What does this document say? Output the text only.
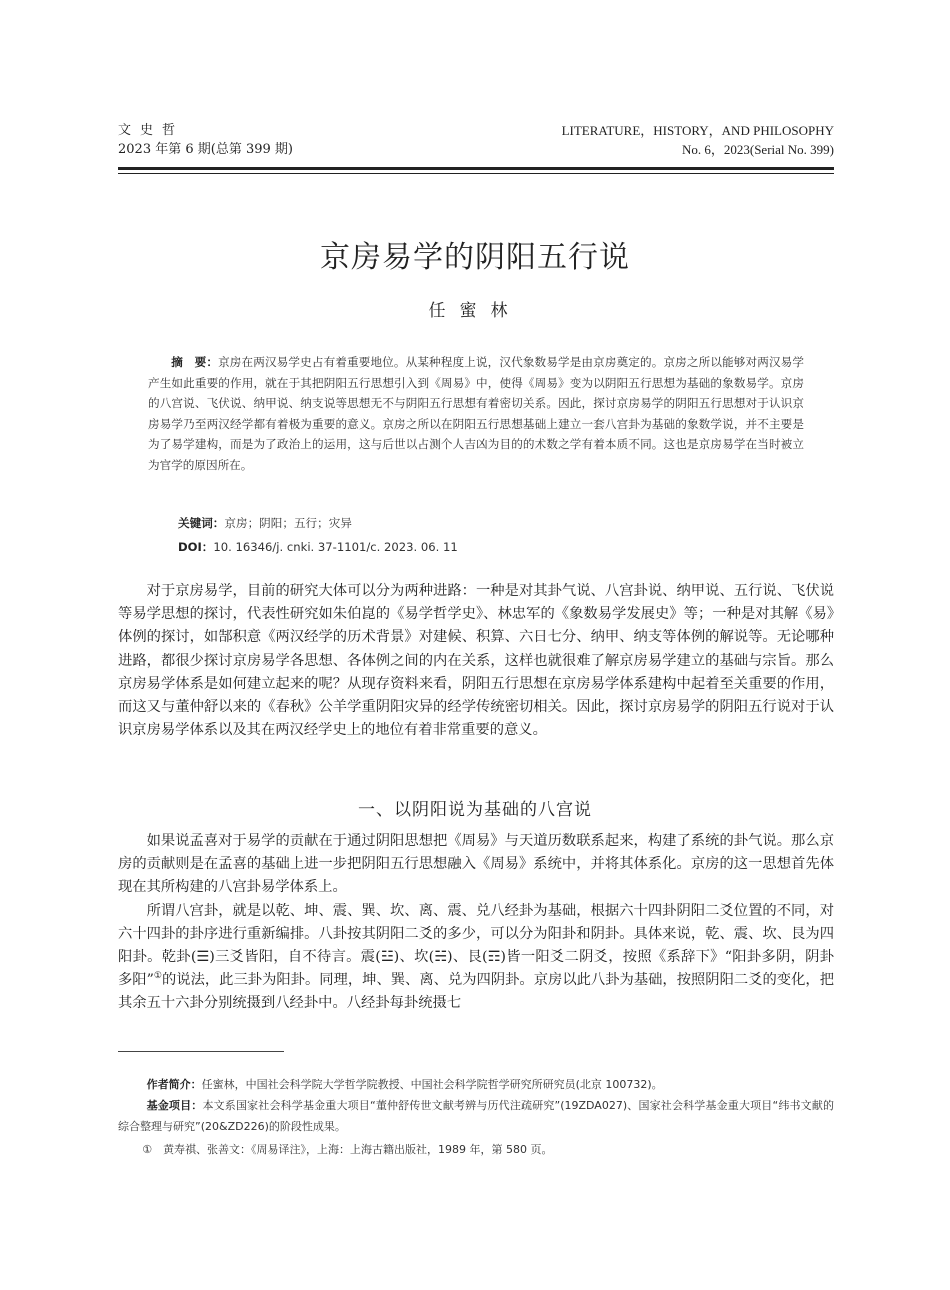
文史哲
2023 年第 6 期(总第 399 期)
LITERATURE，HISTORY，AND PHILOSOPHY
No. 6，2023(Serial No. 399)
京房易学的阴阳五行说
任蜜林

摘　要：京房在两汉易学史占有着重要地位。从某种程度上说，汉代象数易学是由京房奠定的。京房之所以能够对两汉易学产生如此重要的作用，就在于其把阴阳五行思想引入到《周易》中，使得《周易》变为以阴阳五行思想为基础的象数易学。京房的八宫说、飞伏说、纳甲说、纳支说等思想无不与阴阳五行思想有着密切关系。因此，探讨京房易学的阴阳五行思想对于认识京房易学乃至两汉经学都有着极为重要的意义。京房之所以在阴阳五行思想基础上建立一套八宫卦为基础的象数学说，并不主要是为了易学建构，而是为了政治上的运用，这与后世以占测个人吉凶为目的的术数之学有着本质不同。这也是京房易学在当时被立为官学的原因所在。

关键词：京房；阴阳；五行；灾异
DOI：10. 16346/j. cnki. 37-1101/c. 2023. 06. 11

对于京房易学，目前的研究大体可以分为两种进路：一种是对其卦气说、八宫卦说、纳甲说、五行说、飞伏说等易学思想的探讨，代表性研究如朱伯崑的《易学哲学史》、林忠军的《象数易学发展史》等；一种是对其解《易》体例的探讨，如郜积意《两汉经学的历术背景》对建候、积算、六日七分、纳甲、纳支等体例的解说等。无论哪种进路，都很少探讨京房易学各思想、各体例之间的内在关系，这样也就很难了解京房易学建立的基础与宗旨。那么京房易学体系是如何建立起来的呢？从现存资料来看，阴阳五行思想在京房易学体系建构中起着至关重要的作用，而这又与董仲舒以来的《春秋》公羊学重阴阳灾异的经学传统密切相关。因此，探讨京房易学的阴阳五行说对于认识京房易学体系以及其在两汉经学史上的地位有着非常重要的意义。

一、以阴阳说为基础的八宫说

如果说孟喜对于易学的贡献在于通过阴阳思想把《周易》与天道历数联系起来，构建了系统的卦气说。那么京房的贡献则是在孟喜的基础上进一步把阴阳五行思想融入《周易》系统中，并将其体系化。京房的这一思想首先体现在其所构建的八宫卦易学体系上。

所谓八宫卦，就是以乾、坤、震、巽、坎、离、震、兑八经卦为基础，根据六十四卦阴阳二爻位置的不同，对六十四卦的卦序进行重新编排。八卦按其阴阳二爻的多少，可以分为阳卦和阴卦。具体来说，乾、震、坎、艮为四阳卦。乾卦(☰)三爻皆阳，自不待言。震(☳)、坎(☵)、艮(☶)皆一阳爻二阴爻，按照《系辞下》“阳卦多阴，阴卦多阳”①的说法，此三卦为阳卦。同理，坤、巽、离、兑为四阴卦。京房以此八卦为基础，按照阴阳二爻的变化，把其余五十六卦分别统摄到八经卦中。八经卦每卦统摄七

作者简介：任蜜林，中国社会科学院大学哲学院教授、中国社会科学院哲学研究所研究员(北京 100732)。

基金项目：本文系国家社会科学基金重大项目“董仲舒传世文献考辨与历代注疏研究”(19ZDA027)、国家社会科学基金重大项目“纬书文献的综合整理与研究”(20&ZD226)的阶段性成果。

①　 黄寿祺、张善文：《周易译注》，上海：上海古籍出版社，1989 年，第 580 页。
